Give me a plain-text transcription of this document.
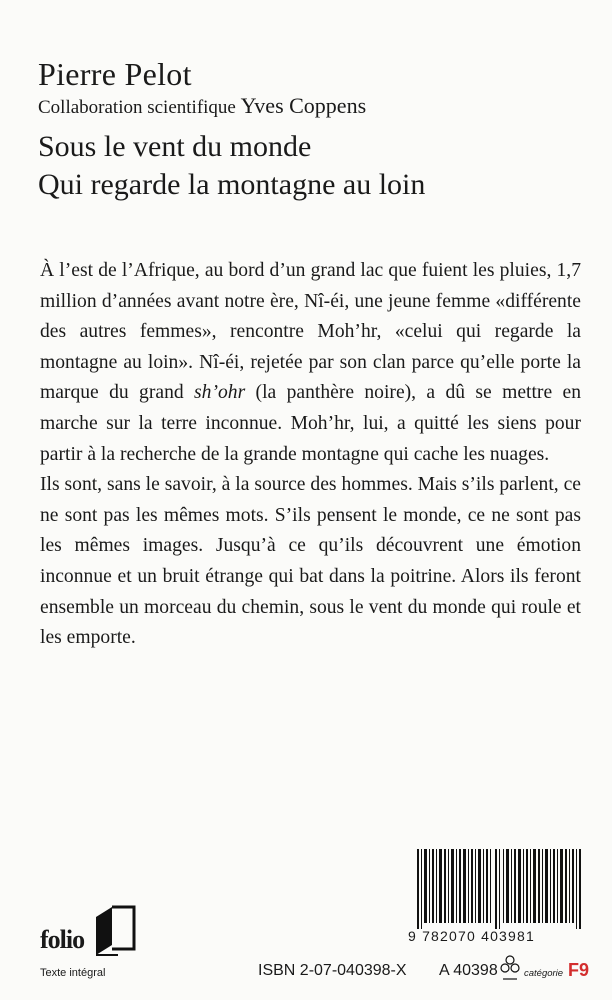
Pierre Pelot
Collaboration scientifique Yves Coppens
Sous le vent du monde
Qui regarde la montagne au loin

À l’est de l’Afrique, au bord d’un grand lac que fuient les pluies, 1,7 million d’années avant notre ère, Nî-éi, une jeune femme «différente des autres femmes», rencontre Moh’hr, «celui qui regarde la montagne au loin». Nî-éi, rejetée par son clan parce qu’elle porte la marque du grand sh’ohr (la panthère noire), a dû se mettre en marche sur la terre inconnue. Moh’hr, lui, a quitté les siens pour partir à la recherche de la grande montagne qui cache les nuages.

Ils sont, sans le savoir, à la source des hommes. Mais s’ils parlent, ce ne sont pas les mêmes mots. S’ils pensent le monde, ce ne sont pas les mêmes images. Jusqu’à ce qu’ils découvrent une émotion inconnue et un bruit étrange qui bat dans la poitrine. Alors ils feront ensemble un morceau du chemin, sous le vent du monde qui roule et les emporte.

9 782070 403981
folio
Texte intégral	ISBN 2-07-040398-X A 40398	catégorie F9
